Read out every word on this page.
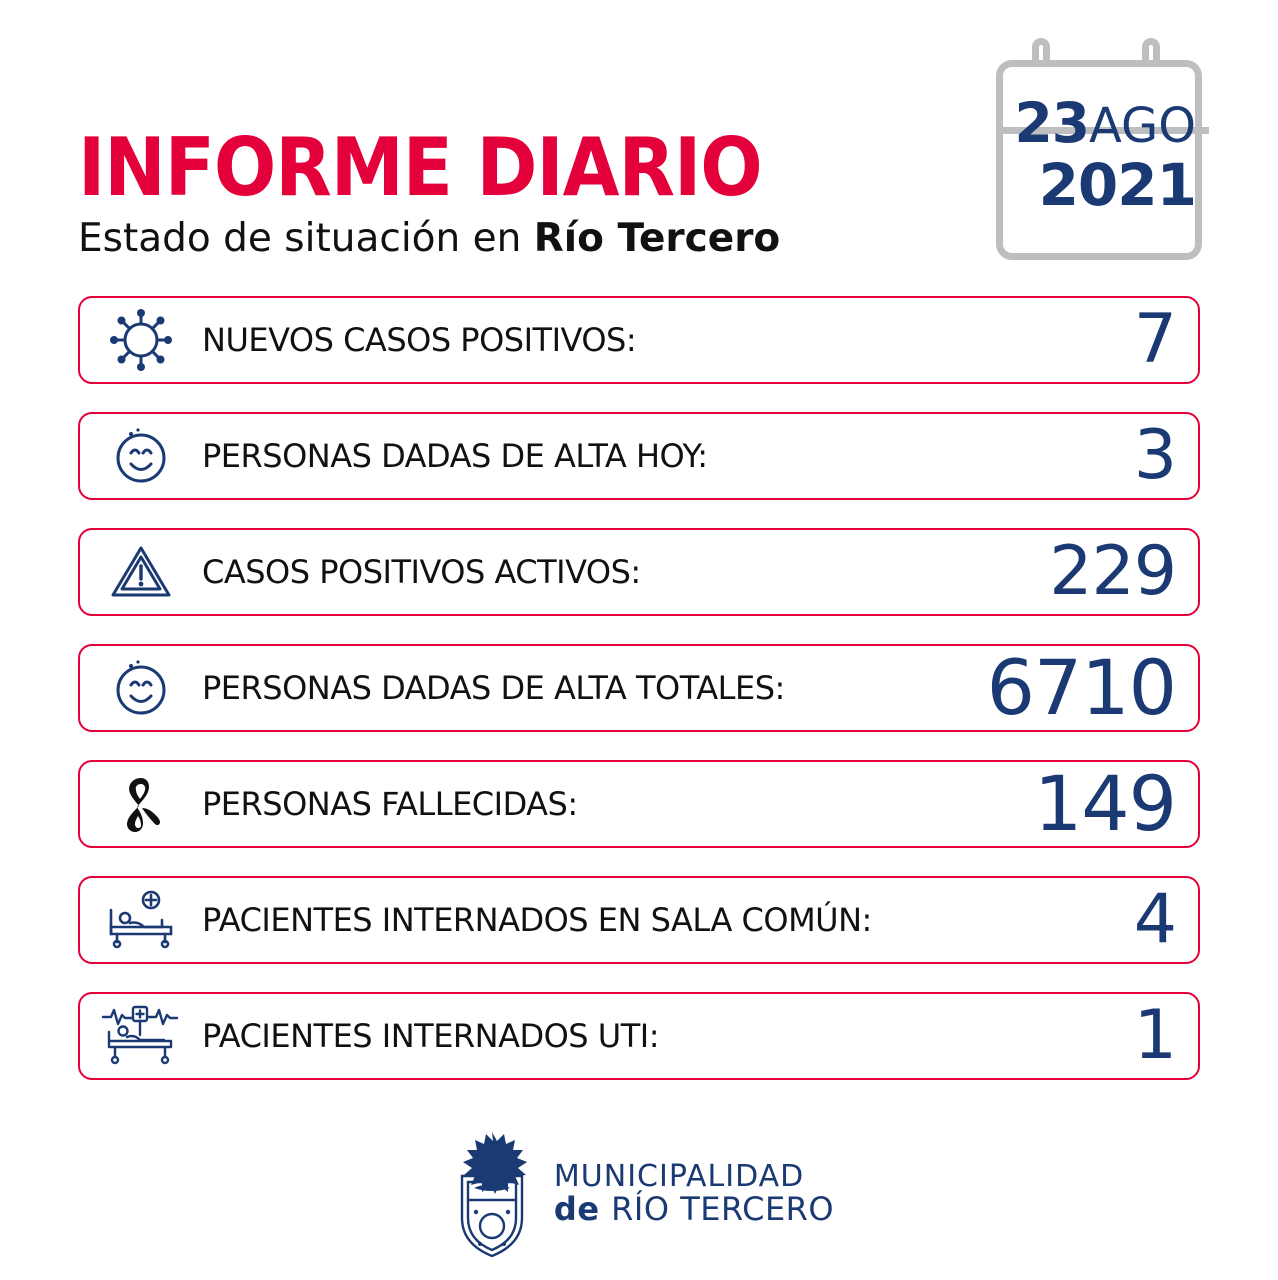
INFORME DIARIO
Estado de situación en Río Tercero
23AGO
2021
NUEVOS CASOS POSITIVOS:	7
PERSONAS DADAS DE ALTA HOY:	3
CASOS POSITIVOS ACTIVOS:	229
PERSONAS DADAS DE ALTA TOTALES:	6710
PERSONAS FALLECIDAS:	149
PACIENTES INTERNADOS EN SALA COMÚN:	4
PACIENTES INTERNADOS UTI:	1
MUNICIPALIDAD
de RÍO TERCERO
